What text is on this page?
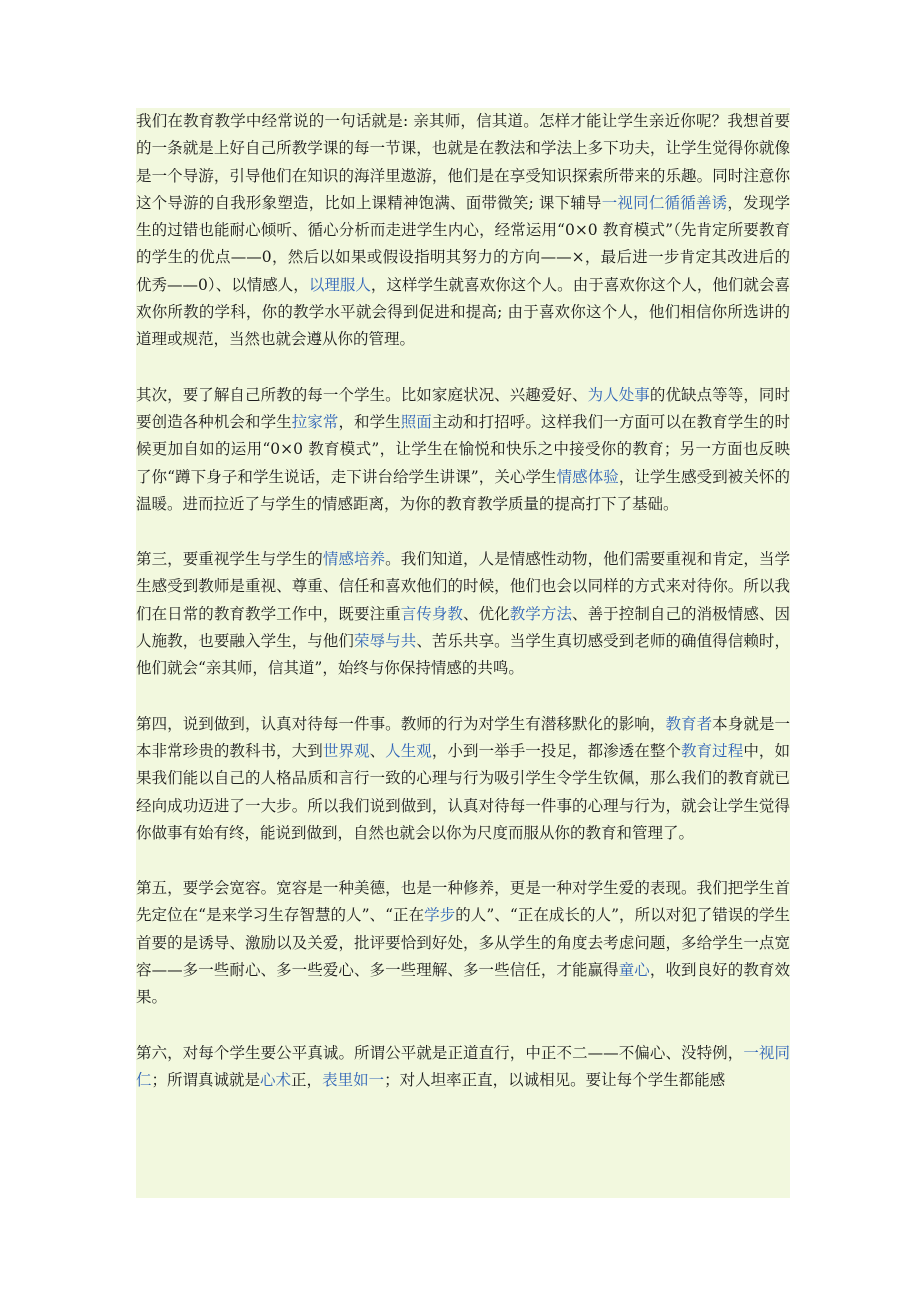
我们在教育教学中经常说的一句话就是: 亲其师，信其道。怎样才能让学生亲近你呢？我想首要的一条就是上好自己所教学课的每一节课，也就是在教法和学法上多下功夫，让学生觉得你就像是一个导游，引导他们在知识的海洋里遨游，他们是在享受知识探索所带来的乐趣。同时注意你这个导游的自我形象塑造，比如上课精神饱满、面带微笑; 课下辅导一视同仁循循善诱，发现学生的过错也能耐心倾听、循心分析而走进学生内心，经常运用“0×0 教育模式”（先肯定所要教育的学生的优点——0，然后以如果或假设指明其努力的方向——×，最后进一步肯定其改进后的优秀——0）、以情感人，以理服人，这样学生就喜欢你这个人。由于喜欢你这个人，他们就会喜欢你所教的学科，你的教学水平就会得到促进和提高; 由于喜欢你这个人，他们相信你所选讲的道理或规范，当然也就会遵从你的管理。

其次，要了解自己所教的每一个学生。比如家庭状况、兴趣爱好、为人处事的优缺点等等，同时要创造各种机会和学生拉家常，和学生照面主动和打招呼。这样我们一方面可以在教育学生的时候更加自如的运用“0×0 教育模式”，让学生在愉悦和快乐之中接受你的教育；另一方面也反映了你“蹲下身子和学生说话，走下讲台给学生讲课”，关心学生情感体验，让学生感受到被关怀的温暖。进而拉近了与学生的情感距离，为你的教育教学质量的提高打下了基础。

第三，要重视学生与学生的情感培养。我们知道，人是情感性动物，他们需要重视和肯定，当学生感受到教师是重视、尊重、信任和喜欢他们的时候，他们也会以同样的方式来对待你。所以我们在日常的教育教学工作中，既要注重言传身教、优化教学方法、善于控制自己的消极情感、因人施教，也要融入学生，与他们荣辱与共、苦乐共享。当学生真切感受到老师的确值得信赖时，他们就会“亲其师，信其道”，始终与你保持情感的共鸣。

第四，说到做到，认真对待每一件事。教师的行为对学生有潜移默化的影响，教育者本身就是一本非常珍贵的教科书，大到世界观、人生观，小到一举手一投足，都渗透在整个教育过程中，如果我们能以自己的人格品质和言行一致的心理与行为吸引学生令学生钦佩，那么我们的教育就已经向成功迈进了一大步。所以我们说到做到，认真对待每一件事的心理与行为，就会让学生觉得你做事有始有终，能说到做到，自然也就会以你为尺度而服从你的教育和管理了。

第五，要学会宽容。宽容是一种美德，也是一种修养，更是一种对学生爱的表现。我们把学生首先定位在“是来学习生存智慧的人”、“正在学步的人”、“正在成长的人”，所以对犯了错误的学生首要的是诱导、激励以及关爱，批评要恰到好处，多从学生的角度去考虑问题，多给学生一点宽容——多一些耐心、多一些爱心、多一些理解、多一些信任，才能赢得童心，收到良好的教育效果。

第六，对每个学生要公平真诚。所谓公平就是正道直行，中正不二——不偏心、没特例，一视同仁；所谓真诚就是心术正，表里如一；对人坦率正直，以诚相见。要让每个学生都能感
